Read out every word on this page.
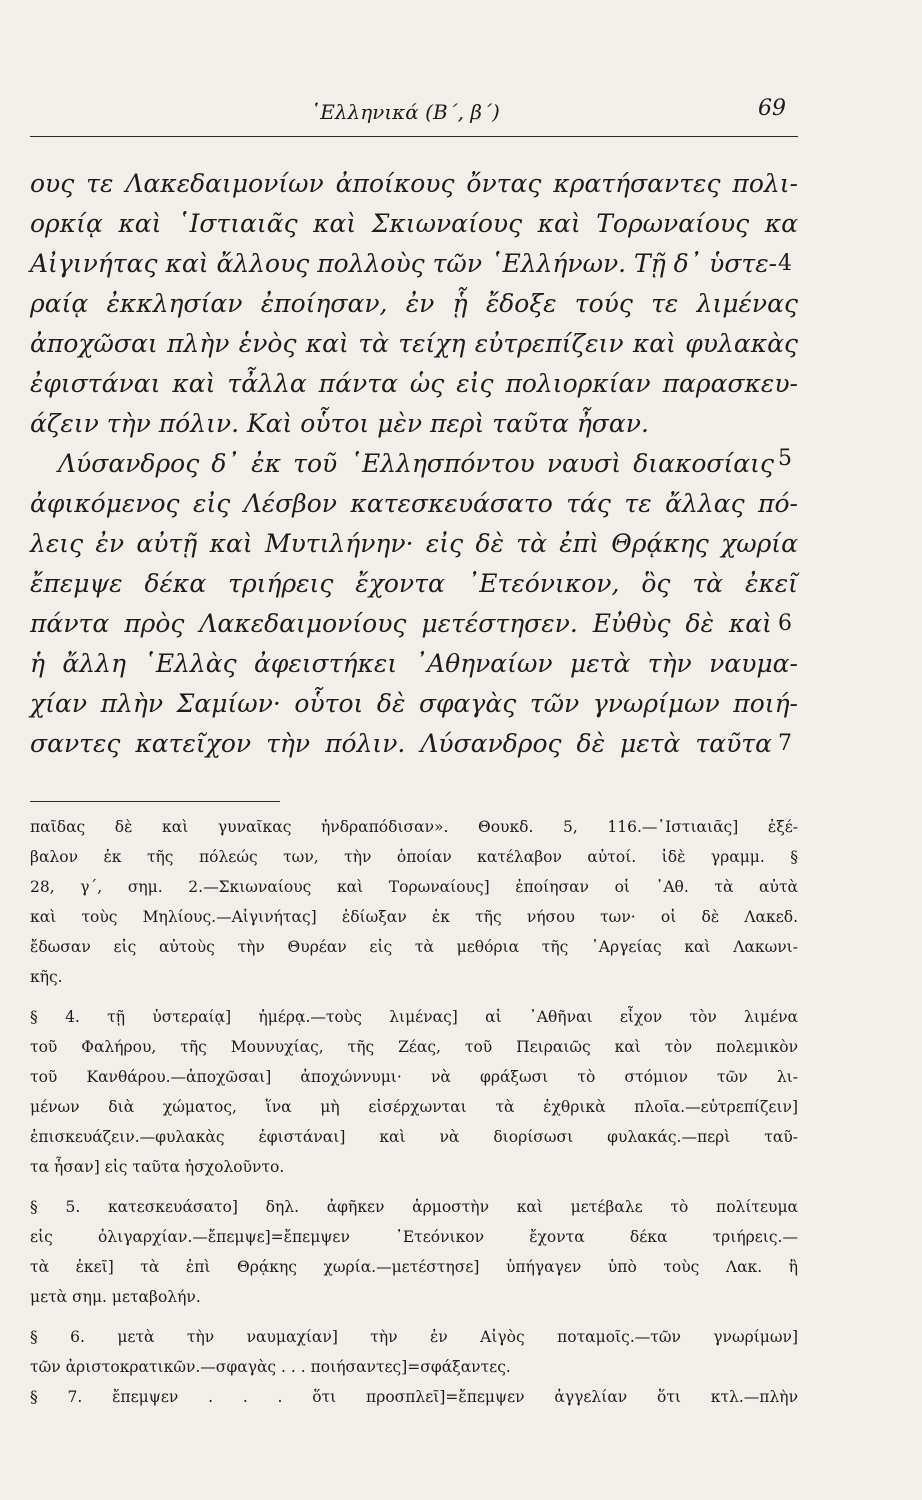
῾Ελληνικά (Β΄, β΄)	69

ους τε Λακεδαιμονίων ἀποίκους ὄντας κρατήσαντες πολι-

ορκίᾳ καὶ ῾Ιστιαιᾶς καὶ Σκιωναίους καὶ Τορωναίους κα

Αἰγινήτας καὶ ἄλλους πολλοὺς τῶν ῾Ελλήνων. Τῇ δ᾽ ὑστε-

ραίᾳ ἐκκλησίαν ἐποίησαν, ἐν ᾗ ἔδοξε τούς τε λιμένας

ἀποχῶσαι πλὴν ἑνὸς καὶ τὰ τείχη εὐτρεπίζειν καὶ φυλακὰς

ἐφιστάναι καὶ τἆλλα πάντα ὡς εἰς πολιορκίαν παρασκευ-

άζειν τὴν πόλιν. Καὶ οὗτοι μὲν περὶ ταῦτα ἦσαν.

Λύσανδρος δ᾽ ἐκ τοῦ ῾Ελλησπόντου ναυσὶ διακοσίαις

ἀφικόμενος εἰς Λέσβον κατεσκευάσατο τάς τε ἄλλας πό-

λεις ἐν αὐτῇ καὶ Μυτιλήνην· εἰς δὲ τὰ ἐπὶ Θρᾴκης χωρία

ἔπεμψε δέκα τριήρεις ἔχοντα ᾿Ετεόνικον, ὃς τὰ ἐκεῖ

πάντα πρὸς Λακεδαιμονίους μετέστησεν. Εὐθὺς δὲ καὶ

ἡ ἄλλη ῾Ελλὰς ἀφειστήκει ᾿Αθηναίων μετὰ τὴν ναυμα-

χίαν πλὴν Σαμίων· οὗτοι δὲ σφαγὰς τῶν γνωρίμων ποιή-

σαντες κατεῖχον τὴν πόλιν. Λύσανδρος δὲ μετὰ ταῦτα

4
5
6
7

παῖδας δὲ καὶ γυναῖκας ἠνδραπόδισαν». Θουκδ. 5, 116.—῾Ιστιαιᾶς] ἐξέ-

βαλον ἐκ τῆς πόλεώς των, τὴν ὁποίαν κατέλαβον αὐτοί. ἰδὲ γραμμ. §

28, γ΄, σημ. 2.—Σκιωναίους καὶ Τορωναίους] ἐποίησαν οἱ ᾿Αθ. τὰ αὐτὰ

καὶ τοὺς Μηλίους.—Αἰγινήτας] ἐδίωξαν ἐκ τῆς νήσου των· οἱ δὲ Λακεδ.

ἔδωσαν εἰς αὐτοὺς τὴν Θυρέαν εἰς τὰ μεθόρια τῆς ᾿Αργείας καὶ Λακωνι-

κῆς.

§ 4. τῇ ὑστεραίᾳ] ἡμέρᾳ.—τοὺς λιμένας] αἱ ᾿Αθῆναι εἶχον τὸν λιμένα

τοῦ Φαλήρου, τῆς Μουνυχίας, τῆς Ζέας, τοῦ Πειραιῶς καὶ τὸν πολεμικὸν

τοῦ Κανθάρου.—ἀποχῶσαι] ἀποχώννυμι· νὰ φράξωσι τὸ στόμιον τῶν λι-

μένων διὰ χώματος, ἵνα μὴ εἰσέρχωνται τὰ ἐχθρικὰ πλοῖα.—εὐτρεπίζειν]

ἐπισκευάζειν.—φυλακὰς ἐφιστάναι] καὶ νὰ διορίσωσι φυλακάς.—περὶ ταῦ-

τα ἦσαν] εἰς ταῦτα ἠσχολοῦντο.

§ 5. κατεσκευάσατο] δηλ. ἀφῆκεν ἁρμοστὴν καὶ μετέβαλε τὸ πολίτευμα

εἰς ὀλιγαρχίαν.—ἔπεμψε]=ἔπεμψεν ᾿Ετεόνικον ἔχοντα δέκα τριήρεις.—

τὰ ἐκεῖ] τὰ ἐπὶ Θρᾴκης χωρία.—μετέστησε] ὑπήγαγεν ὑπὸ τοὺς Λακ. ἢ

μετὰ σημ. μεταβολήν.

§ 6. μετὰ τὴν ναυμαχίαν] τὴν ἐν Αἰγὸς ποταμοῖς.—τῶν γνωρίμων]

τῶν ἀριστοκρατικῶν.—σφαγὰς . . . ποιήσαντες]=σφάξαντες.

§ 7. ἔπεμψεν . . . ὅτι προσπλεῖ]=ἔπεμψεν ἀγγελίαν ὅτι κτλ.—πλὴν
